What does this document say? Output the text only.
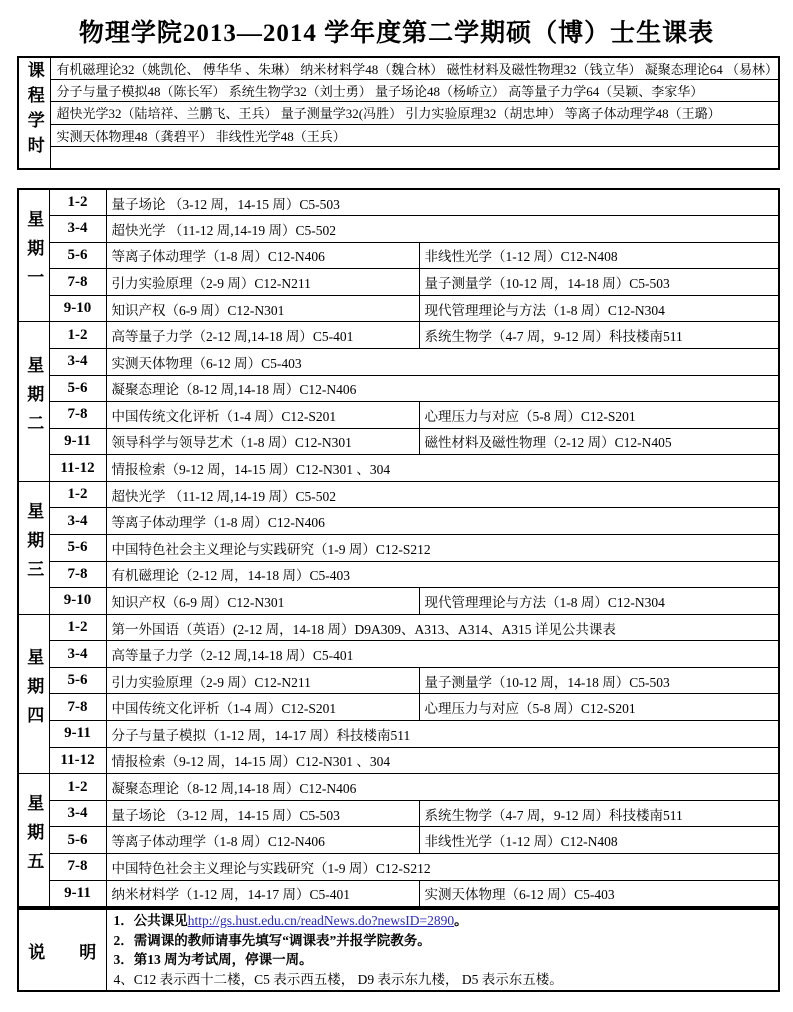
物理学院2013—2014 学年度第二学期硕（博）士生课表
课程学时	有机磁理论32（姚凯伦、 傅华华 、朱琳） 纳米材料学48（魏合林） 磁性材料及磁性物理32（钱立华） 凝聚态理论64 （易林）
分子与量子模拟48（陈长军） 系统生物学32（刘士勇） 量子场论48（杨峤立） 高等量子力学64（吴颖、李家华）
超快光学32（陆培祥、兰鹏飞、王兵） 量子测量学32(冯胜） 引力实验原理32（胡忠坤） 等离子体动理学48（王璐）
实测天体物理48（龚碧平） 非线性光学48（王兵）

星期一	1-2	量子场论 （3-12 周，14-15 周）C5-503	
	3-4	超快光学 （11-12 周,14-19 周）C5-502	
	5-6	等离子体动理学（1-8 周）C12-N406	非线性光学（1-12 周）C12-N408
	7-8	引力实验原理（2-9 周）C12-N211	量子测量学（10-12 周，14-18 周）C5-503
	9-10	知识产权（6-9 周）C12-N301	现代管理理论与方法（1-8 周）C12-N304
星期二	1-2	高等量子力学（2-12 周,14-18 周）C5-401	系统生物学（4-7 周，9-12 周）科技楼南511
	3-4	实测天体物理（6-12 周）C5-403	
	5-6	凝聚态理论（8-12 周,14-18 周）C12-N406	
	7-8	中国传统文化评析（1-4 周）C12-S201	心理压力与对应（5-8 周）C12-S201
	9-11	领导科学与领导艺术（1-8 周）C12-N301	磁性材料及磁性物理（2-12 周）C12-N405
	11-12	情报检索（9-12 周，14-15 周）C12-N301 、304	
星期三	1-2	超快光学 （11-12 周,14-19 周）C5-502	
	3-4	等离子体动理学（1-8 周）C12-N406	
	5-6	中国特色社会主义理论与实践研究（1-9 周）C12-S212	
	7-8	有机磁理论（2-12 周，14-18 周）C5-403	
	9-10	知识产权（6-9 周）C12-N301	现代管理理论与方法（1-8 周）C12-N304
星期四	1-2	第一外国语（英语）(2-12 周，14-18 周）D9A309、A313、A314、A315 详见公共课表	
	3-4	高等量子力学（2-12 周,14-18 周）C5-401	
	5-6	引力实验原理（2-9 周）C12-N211	量子测量学（10-12 周，14-18 周）C5-503
	7-8	中国传统文化评析（1-4 周）C12-S201	心理压力与对应（5-8 周）C12-S201
	9-11	分子与量子模拟（1-12 周，14-17 周）科技楼南511	
	11-12	情报检索（9-12 周，14-15 周）C12-N301 、304	
星期五	1-2	凝聚态理论（8-12 周,14-18 周）C12-N406	
	3-4	量子场论 （3-12 周，14-15 周）C5-503	系统生物学（4-7 周，9-12 周）科技楼南511
	5-6	等离子体动理学（1-8 周）C12-N406	非线性光学（1-12 周）C12-N408
	7-8	中国特色社会主义理论与实践研究（1-9 周）C12-S212	
	9-11	纳米材料学（1-12 周，14-17 周）C5-401	实测天体物理（6-12 周）C5-403
说　　明	
1．公共课见http://gs.hust.edu.cn/readNews.do?newsID=2890。
2．需调课的教师请事先填写“调课表”并报学院教务。
3．第13 周为考试周，停课一周。
4、C12 表示西十二楼，C5 表示西五楼， D9 表示东九楼， D5 表示东五楼。
